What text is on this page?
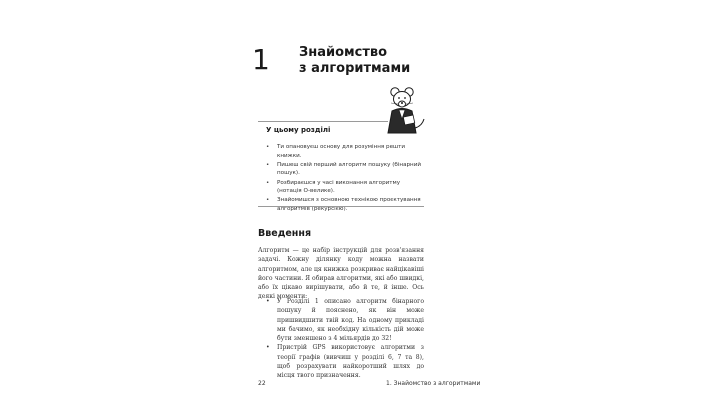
1 Знайомство
з алгоритмами
У цьому розділі
• Ти опановуєш основу для розуміння решти книжки.
• Пишеш свій перший алгоритм пошуку (бінарний пошук).
• Розбираєшся у часі виконання алгоритму (нотація O-велике).
• Знайомишся з основною технікою проєктування алгоритмів (рекурсією).
Введення

Алгоритм — це набір інструкцій для розв'язання задачі. Кожну ділянку коду можна назвати алгоритмом, але ця книжка розкриває найцікавіші його частини. Я обирав алгоритми, які або швидкі, або їх цікаво вирішувати, або й те, й інше. Ось деякі моменти:

• У Розділі 1 описано алгоритм бінарного пошуку й пояснено, як він може пришвидшити твій код. На одному прикладі ми бачимо, як необхідну кількість дій може бути зменшено з 4 мільярдів до 32!
• Пристрій GPS використовує алгоритми з теорії графів (вивчиш у розділі 6, 7 та 8), щоб розрахувати найкоротший шлях до місця твого призначення.
22	1. Знайомство з алгоритмами
